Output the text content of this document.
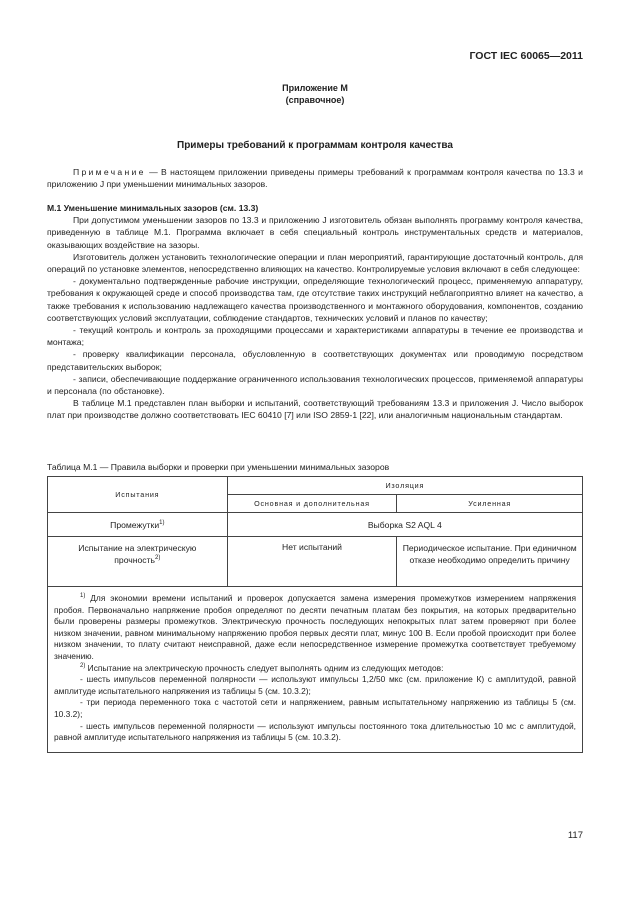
ГОСТ IEC 60065—2011
Приложение М
(справочное)
Примеры требований к программам контроля качества

Примечание — В настоящем приложении приведены примеры требований к программам контроля качества по 13.3 и приложению J при уменьшении минимальных зазоров.

М.1 Уменьшение минимальных зазоров (см. 13.3)

При допустимом уменьшении зазоров по 13.3 и приложению J изготовитель обязан выполнять программу контроля качества, приведенную в таблице М.1. Программа включает в себя специальный контроль инструментальных средств и материалов, оказывающих воздействие на зазоры.

Изготовитель должен установить технологические операции и план мероприятий, гарантирующие достаточный контроль, для операций по установке элементов, непосредственно влияющих на качество. Контролируемые условия включают в себя следующее:

- документально подтвержденные рабочие инструкции, определяющие технологический процесс, применяемую аппаратуру, требования к окружающей среде и способ производства там, где отсутствие таких инструкций неблагоприятно влияет на качество, а также требования к использованию надлежащего качества производственного и монтажного оборудования, компонентов, созданию соответствующих условий эксплуатации, соблюдение стандартов, технических условий и планов по качеству;

- текущий контроль и контроль за проходящими процессами и характеристиками аппаратуры в течение ее производства и монтажа;

- проверку квалификации персонала, обусловленную в соответствующих документах или проводимую посредством представительских выборок;

- записи, обеспечивающие поддержание ограниченного использования технологических процессов, применяемой аппаратуры и персонала (по обстановке).

В таблице М.1 представлен план выборки и испытаний, соответствующий требованиям 13.3 и приложения J. Число выборок плат при производстве должно соответствовать IEC 60410 [7] или ISO 2859-1 [22], или аналогичным национальным стандартам.

Таблица М.1 — Правила выборки и проверки при уменьшении минимальных зазоров
Испытания	Изоляция	
	Основная и дополнительная	Усиленная
Промежутки$^{1)}$	Выборка S2 AQL 4	
Испытание на электрическую
прочность$^{2)}$	Нет испытаний	Периодическое испытание. При единичном отказе необходимо определить причину

$^{1)}$ Для экономии времени испытаний и проверок допускается замена измерения промежутков измерением напряжения пробоя. Первоначально напряжение пробоя определяют по десяти печатным платам без покрытия, на которых предварительно были проверены размеры промежутков. Электрическую прочность последующих непокрытых плат затем проверяют при более низком значении, равном минимальному напряжению пробоя первых десяти плат, минус 100 В. Если пробой происходит при более низком значении, то плату считают неисправной, даже если непосредственное измерение промежутка соответствует требуемому значению.

$^{2)}$ Испытание на электрическую прочность следует выполнять одним из следующих методов:

- шесть импульсов переменной полярности — используют импульсы 1,2/50 мкс (см. приложение К) с амплитудой, равной амплитуде испытательного напряжения из таблицы 5 (см. 10.3.2);

- три периода переменного тока с частотой сети и напряжением, равным испытательному напряжению из таблицы 5 (см. 10.3.2);

- шесть импульсов переменной полярности — используют импульсы постоянного тока длительностью 10 мс с амплитудой, равной амплитуде испытательного напряжения из таблицы 5 (см. 10.3.2).		

117
